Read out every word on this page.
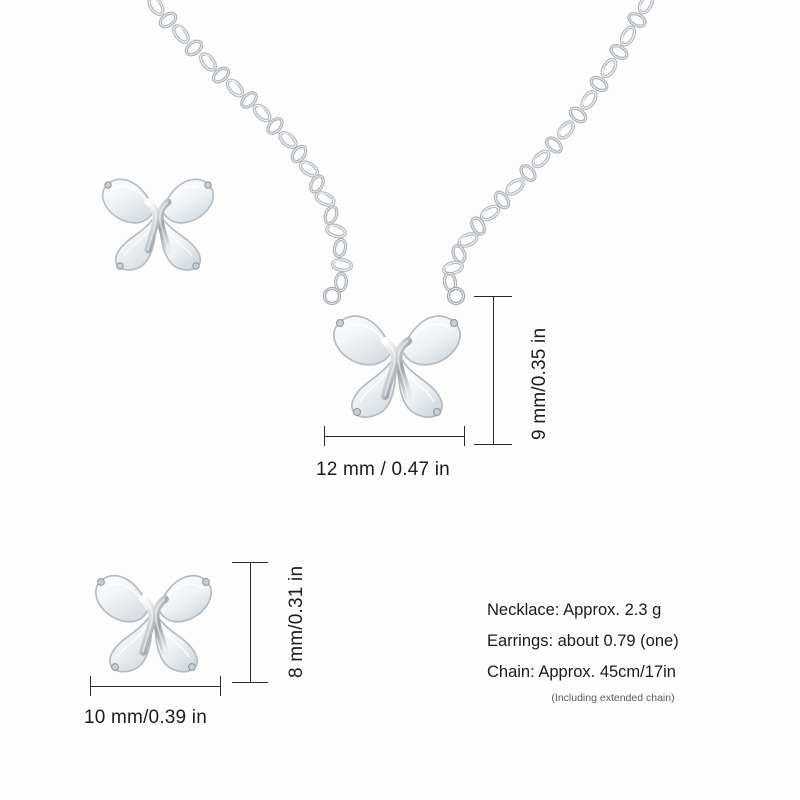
9 mm/0.35 in
12 mm / 0.47 in
8 mm/0.31 in
10 mm/0.39 in
Necklace: Approx. 2.3 g
Earrings: about 0.79 (one)
Chain: Approx. 45cm/17in
(Including extended chain)
